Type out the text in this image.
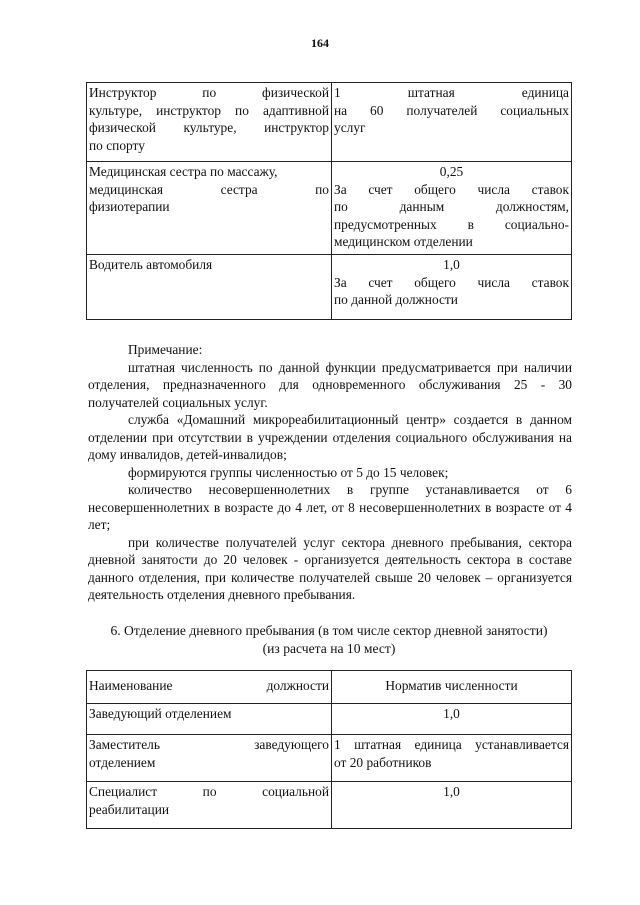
164
Инструктор по физической
культуре, инструктор по адаптивной
физической культуре, инструктор
по спорту	1 штатная единица
на 60 получателей социальных
услуг

Медицинская сестра по массажу,
медицинская сестра по
физиотерапии	0,25
За счет общего числа ставок
по данным должностям,
предусмотренных в социально-
медицинском отделении

Водитель автомобиля	1,0
За счет общего числа ставок
по данной должности

Примечание:

штатная численность по данной функции предусматривается при наличии отделения, предназначенного для одновременного обслуживания 25 - 30 получателей социальных услуг.

служба «Домашний микрореабилитационный центр» создается в данном отделении при отсутствии в учреждении отделения социального обслуживания на дому инвалидов, детей-инвалидов;

формируются группы численностью от 5 до 15 человек;

количество несовершеннолетних в группе устанавливается от 6 несовершеннолетних в возрасте до 4 лет, от 8 несовершеннолетних в возрасте от 4 лет;

при количестве получателей услуг сектора дневного пребывания, сектора дневной занятости до 20 человек - организуется деятельность сектора в составе данного отделения, при количестве получателей свыше 20 человек – организуется деятельность отделения дневного пребывания.

6. Отделение дневного пребывания (в том числе сектор дневной занятости)
(из расчета на 10 мест)
Наименование должности	Норматив численности

Заведующий отделением	1,0

Заместитель заведующего
отделением	1 штатная единица устанавливается
от 20 работников

Специалист по социальной
реабилитации	1,0
